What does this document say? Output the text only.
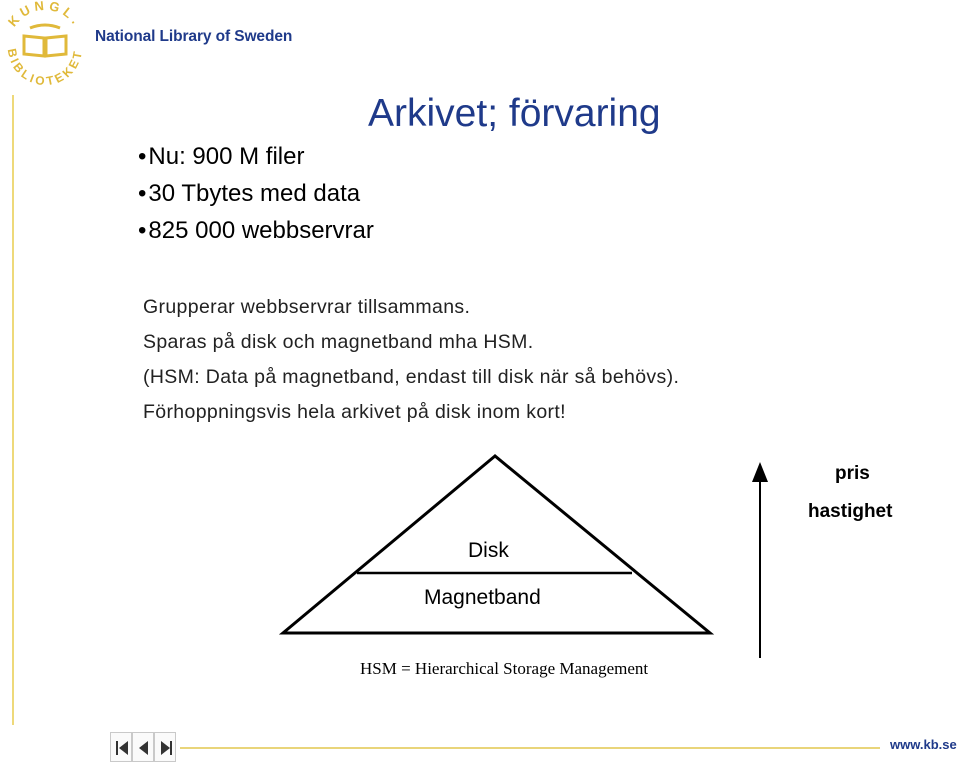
KUNGL.
BIBLIOTEKET
National Library of Sweden
Arkivet; förvaring
• Nu: 900 M filer
• 30 Tbytes med data
• 825 000 webbservrar
Grupperar webbservrar tillsammans.
Sparas på disk och magnetband mha HSM.
(HSM: Data på magnetband, endast till disk när så behövs).
Förhoppningsvis hela arkivet på disk inom kort!
Disk
Magnetband
pris
hastighet
HSM = Hierarchical Storage Management
www.kb.se
